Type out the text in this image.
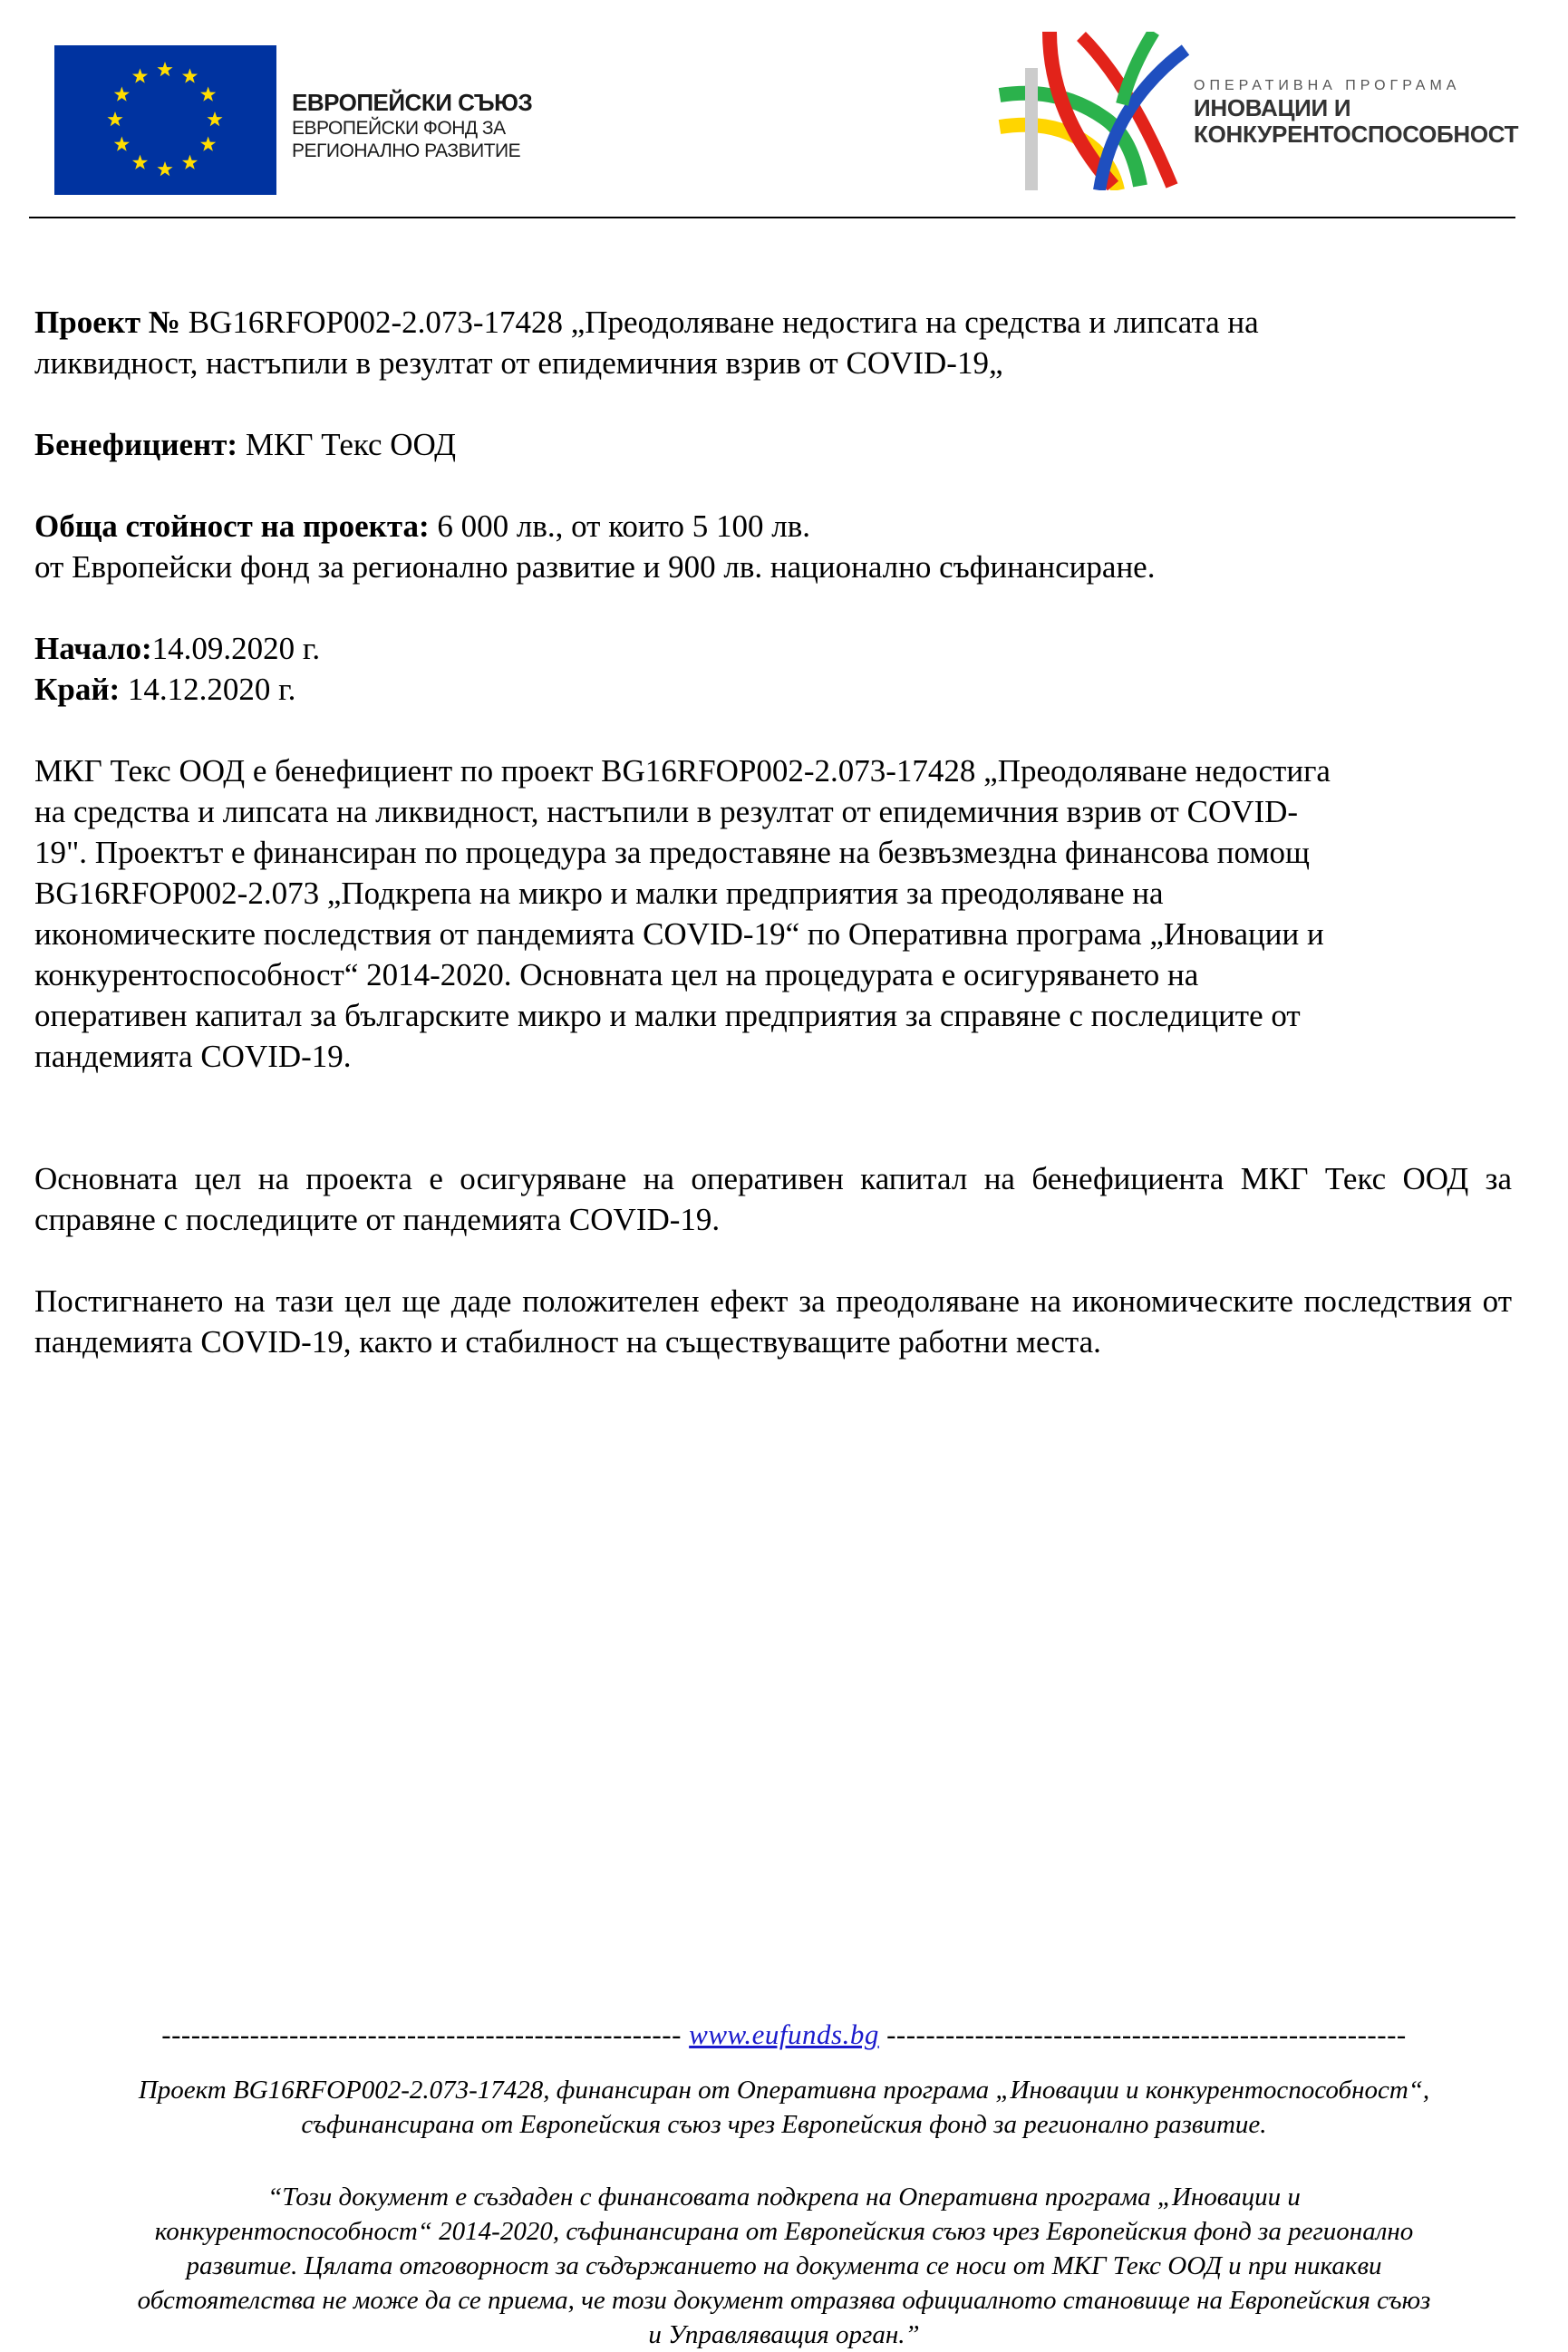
ЕВРОПЕЙСКИ СЪЮЗ
ЕВРОПЕЙСКИ ФОНД ЗА
РЕГИОНАЛНО РАЗВИТИЕ
ОПЕРАТИВНА ПРОГРАМА
ИНОВАЦИИ И
КОНКУРЕНТОСПОСОБНОСТ

Проект № BG16RFOP002-2.073-17428 „Преодоляване недостига на средства и липсата на

ликвидност, настъпили в резултат от епидемичния взрив от COVID-19„

Бенефициент: МКГ Текс ООД

Обща стойност на проекта: 6 000 лв., от които 5 100 лв.

от Европейски фонд за регионално развитие и 900 лв. национално съфинансиране.

Начало:14.09.2020 г.

Край: 14.12.2020 г.

МКГ Текс ООД е бенефициент по проект BG16RFOP002-2.073-17428 „Преодоляване недостига

на средства и липсата на ликвидност, настъпили в резултат от епидемичния взрив от COVID-

19". Проектът е финансиран по процедура за предоставяне на безвъзмездна финансова помощ

BG16RFOP002-2.073 „Подкрепа на микро и малки предприятия за преодоляване на

икономическите последствия от пандемията COVID-19“ по Оперативна програма „Иновации и

конкурентоспособност“ 2014-2020. Основната цел на процедурата е осигуряването на

оперативен капитал за българските микро и малки предприятия за справяне с последиците от

пандемията COVID-19.

Основната цел на проекта е осигуряване на оперативен капитал на бенефициента МКГ Текс ООД за справяне с последиците от пандемията COVID-19.

Постигнането на тази цел ще даде положителен ефект за преодоляване на икономическите последствия от пандемията COVID-19, както и стабилност на съществуващите работни места.

----------------------------------------------------- www.eufunds.bg -----------------------------------------------------
Проект BG16RFOP002-2.073-17428, финансиран от Оперативна програма „Иновации и конкурентоспособност“,
съфинансирана от Европейския съюз чрез Европейския фонд за регионално развитие.
“Този документ е създаден с финансовата подкрепа на Оперативна програма „Иновации и
конкурентоспособност“ 2014-2020, съфинансирана от Европейския съюз чрез Европейския фонд за регионално
развитие. Цялата отговорност за съдържанието на документа се носи от МКГ Текс ООД и при никакви
обстоятелства не може да се приема, че този документ отразява официалното становище на Европейския съюз
и Управляващия орган.”
